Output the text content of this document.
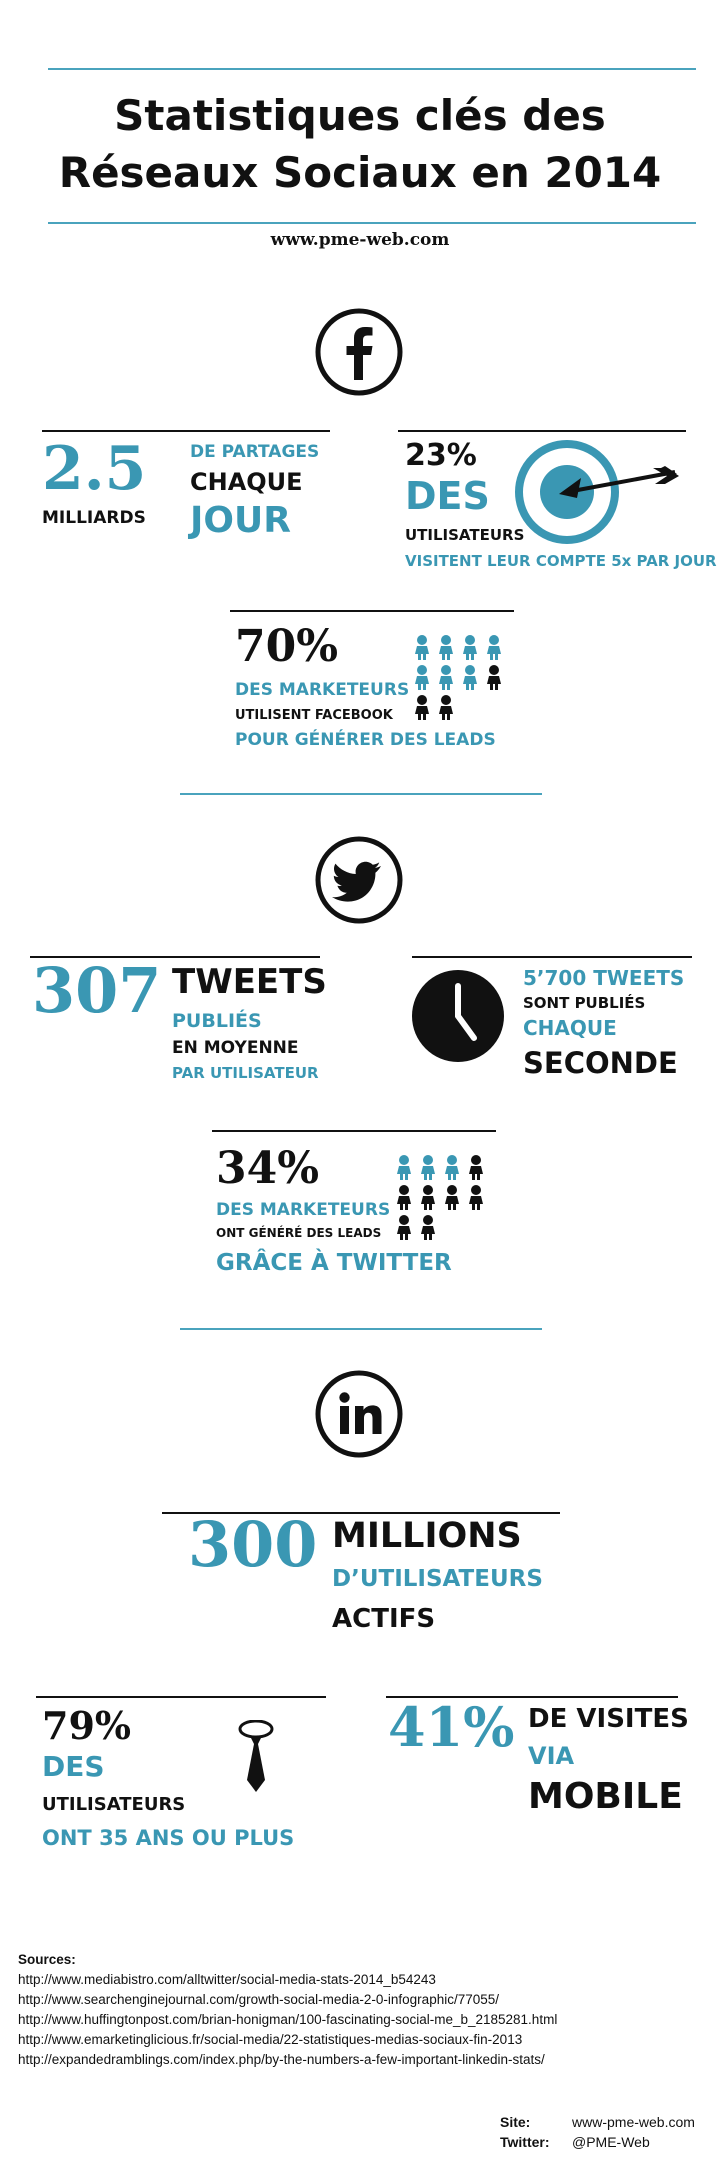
Statistiques clés des
Réseaux Sociaux en 2014
www.pme-web.com
2.5
MILLIARDS
DE PARTAGES
CHAQUE
JOUR
23%
DES
UTILISATEURS
VISITENT LEUR COMPTE 5x PAR JOUR
70%
DES MARKETEURS
UTILISENT FACEBOOK
POUR GÉNÉRER DES LEADS
307 TWEETS
PUBLIÉS
EN MOYENNE
PAR UTILISATEUR
5’700 TWEETS
SONT PUBLIÉS
CHAQUE
SECONDE
34%
DES MARKETEURS
ONT GÉNÉRÉ DES LEADS
GRÂCE À TWITTER
300 MILLIONS
D’UTILISATEURS
ACTIFS
79%
DES
UTILISATEURS
ONT 35 ANS OU PLUS
41% DE VISITES
VIA
MOBILE
Sources:
http://www.mediabistro.com/alltwitter/social-media-stats-2014_b54243
http://www.searchenginejournal.com/growth-social-media-2-0-infographic/77055/
http://www.huffingtonpost.com/brian-honigman/100-fascinating-social-me_b_2185281.html
http://www.emarketinglicious.fr/social-media/22-statistiques-medias-sociaux-fin-2013
http://expandedramblings.com/index.php/by-the-numbers-a-few-important-linkedin-stats/
Site:	www-pme-web.com
Twitter: @PME-Web
